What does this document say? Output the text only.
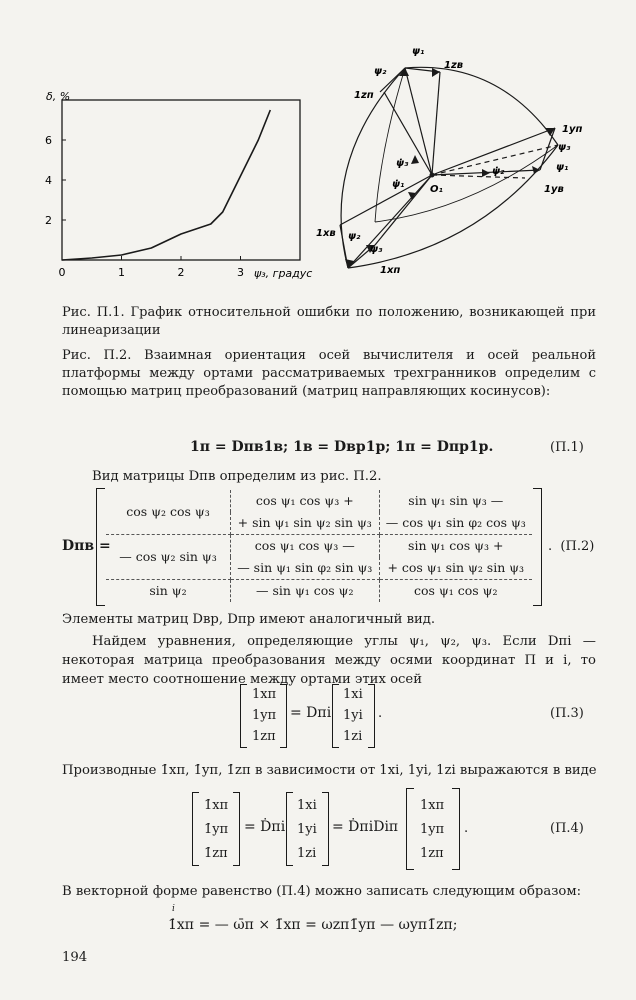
6
4
2
0	1	2	3
δ, %
ψ₃, градус
ψ₁
ψ₂
1zв
1zп
ψ̇₃
ψ̇₁	O₁
ψ̇₂
1yп
ψ₃
ψ₁
1yв
1xв ψ₂
ψ₃
1xп
Рис. П.1. График относительной ошибки по положению, возникающей при линеаризации
Рис. П.2. Взаимная ориентация осей вычислителя и осей реальной платформы между ортами рассматриваемых трехгранников определим с помощью матриц преобразований (матриц направляющих косинусов):
1п = Dпв1в; 1в = Dвp1p; 1п = Dпp1p.	(П.1)
Вид матрицы Dпв определим из рис. П.2.
Dпв =
cos ψ₂ cos ψ₃	cos ψ₁ cos ψ₃ +	sin ψ₁ sin ψ₃ —
	+ sin ψ₁ sin ψ₂ sin ψ₃	— cos ψ₁ sin φ₂ cos ψ₃
— cos ψ₂ sin ψ₃	cos ψ₁ cos ψ₃ —	sin ψ₁ cos ψ₃ +
	— sin ψ₁ sin φ₂ sin ψ₃	+ cos ψ₁ sin ψ₂ sin ψ₃
sin ψ₂	— sin ψ₁ cos ψ₂	cos ψ₁ cos ψ₂
.  (П.2)
Элементы матриц Dвp, Dпp имеют аналогичный вид.
Найдем уравнения, определяющие углы ψ₁, ψ₂, ψ₃. Если Dпi — некоторая матрица преобразования между осями координат П и i, то имеет место соотношение между ортами этих осей
1xп
1yп
1zп
= Dпi
1xi
1yi
1zi
.	(П.3)
Производные 1̇xп, 1̇yп, 1̇zп в зависимости от 1xi, 1yi, 1zi выражаются в виде
1̇xп
1̇yп
1̇zп
= Ḋпi
1xi
1yi
1zi
= ḊпiDiп
1xп
1yп
1zп
.	(П.4)
В векторной форме равенство (П.4) можно записать следующим образом:
i
1̇xп = — ω̄п × 1̄xп = ωzп1̄yп — ωyп1̄zп;
194
